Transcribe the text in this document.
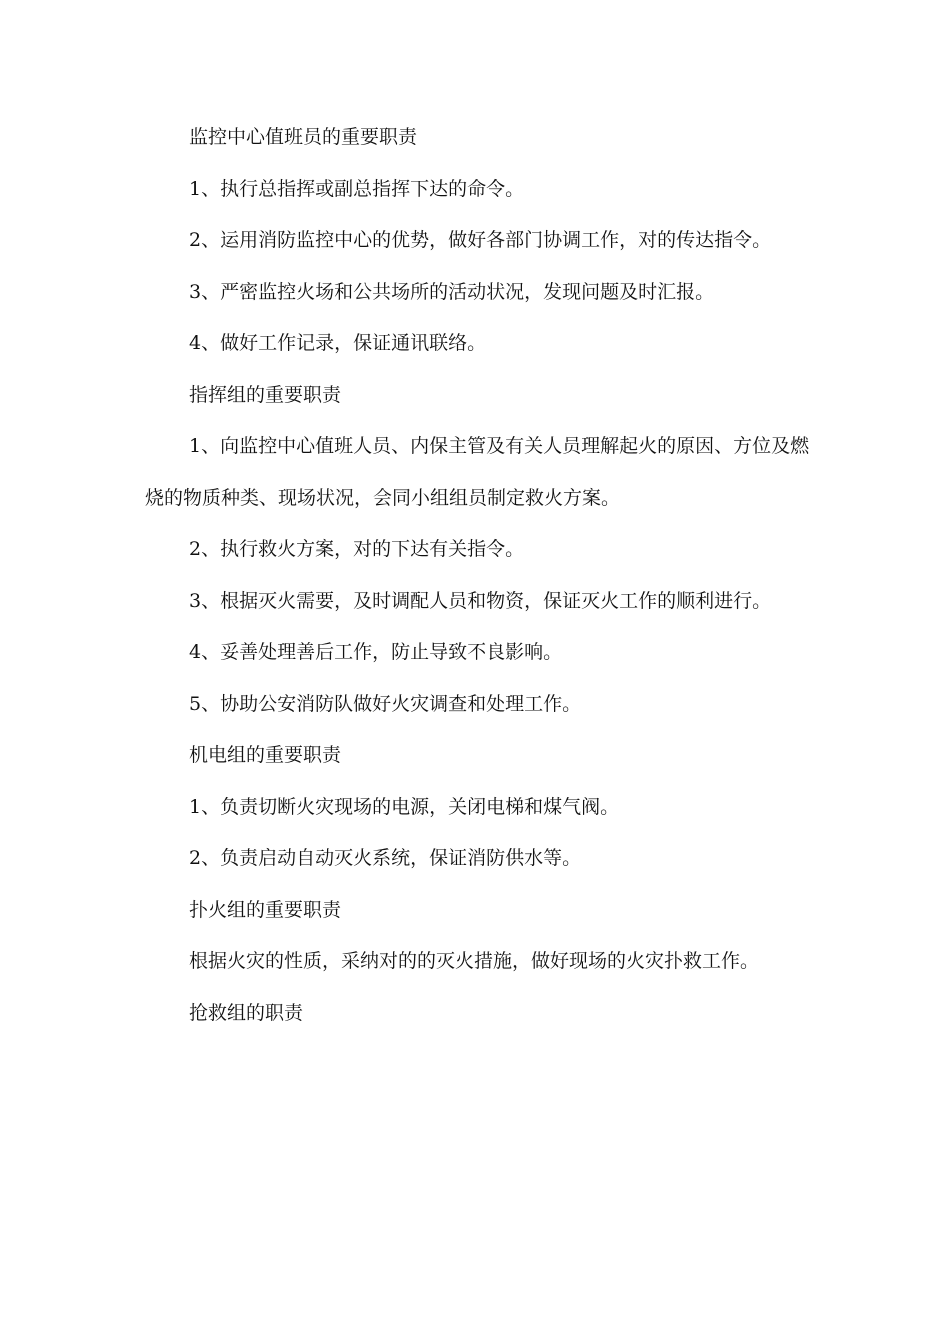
监控中心值班员的重要职责

1、执行总指挥或副总指挥下达的命令。

2、运用消防监控中心的优势，做好各部门协调工作，对的传达指令。

3、严密监控火场和公共场所的活动状况，发现问题及时汇报。

4、做好工作记录，保证通讯联络。

指挥组的重要职责

1、向监控中心值班人员、内保主管及有关人员理解起火的原因、方位及燃烧的物质种类、现场状况，会同小组组员制定救火方案。

2、执行救火方案，对的下达有关指令。

3、根据灭火需要，及时调配人员和物资，保证灭火工作的顺利进行。

4、妥善处理善后工作，防止导致不良影响。

5、协助公安消防队做好火灾调查和处理工作。

机电组的重要职责

1、负责切断火灾现场的电源，关闭电梯和煤气阀。

2、负责启动自动灭火系统，保证消防供水等。

扑火组的重要职责

根据火灾的性质，采纳对的的灭火措施，做好现场的火灾扑救工作。

抢救组的职责
